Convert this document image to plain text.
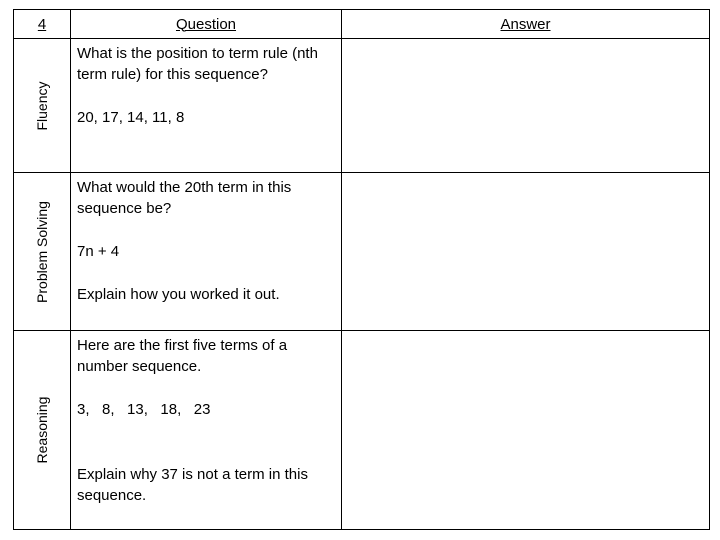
4	Question	Answer

Fluency	What is the position to term rule (nth term rule) for this sequence?

20, 17, 14, 11, 8	

Problem Solving	What would the 20th term in this sequence be?

7n + 4

Explain how you worked it out.	

Reasoning	Here are the first five terms of a number sequence.

3,   8,   13,   18,   23

Explain why 37 is not a term in this sequence.	
